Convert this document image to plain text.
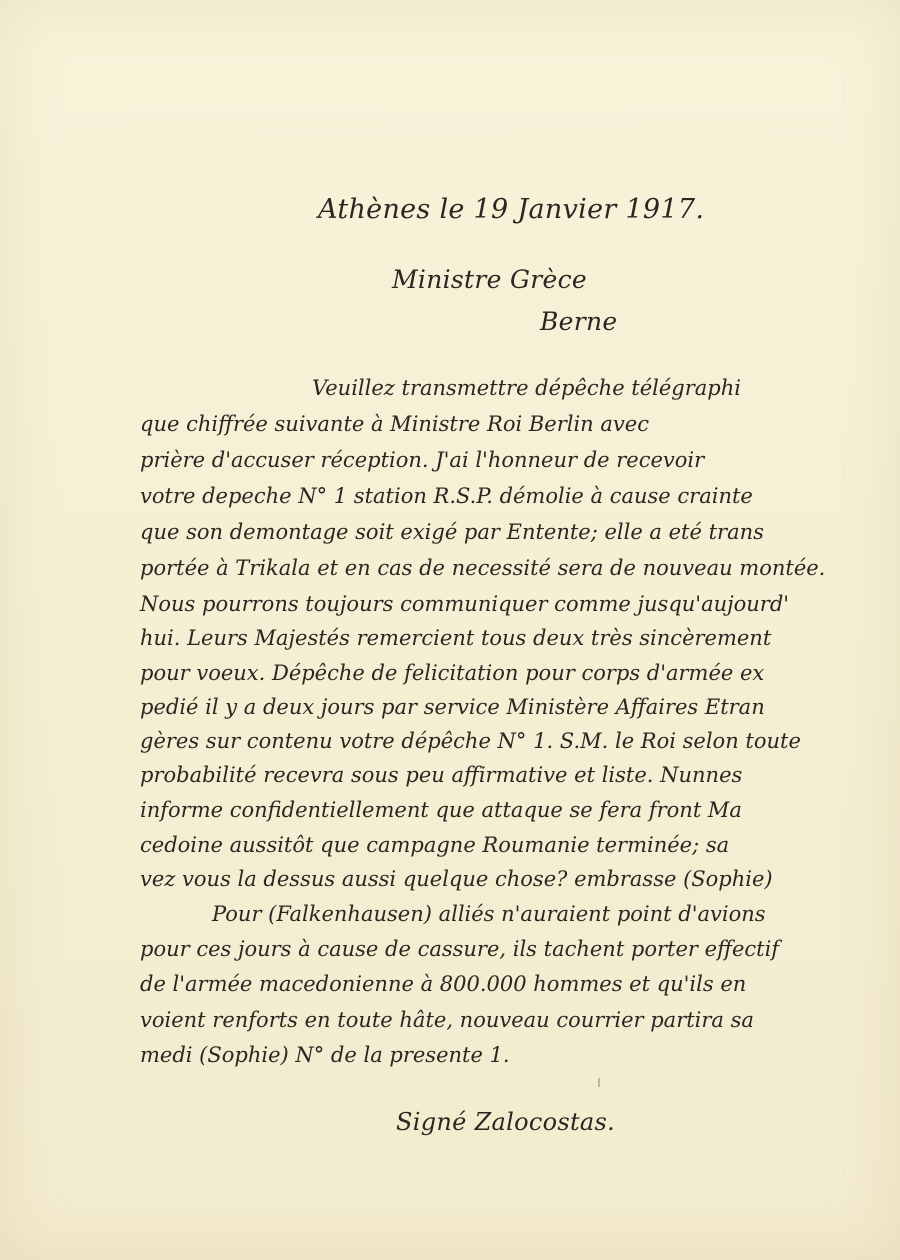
Athènes le 19 Janvier 1917.
Ministre Grèce
Berne
Veuillez transmettre dépêche télégraphi
que chiffrée suivante à Ministre Roi Berlin avec
prière d'accuser réception. J'ai l'honneur de recevoir
votre depeche N° 1 station R.S.P. démolie à cause crainte
que son demontage soit exigé par Entente; elle a eté trans
portée à Trikala et en cas de necessité sera de nouveau montée.
Nous pourrons toujours communiquer comme jusqu'aujourd'
hui. Leurs Majestés remercient tous deux très sincèrement
pour voeux. Dépêche de felicitation pour corps d'armée ex
pedié il y a deux jours par service Ministère Affaires Etran
gères sur contenu votre dépêche N° 1. S.M. le Roi selon toute
probabilité recevra sous peu affirmative et liste. Nunnes
informe confidentiellement que attaque se fera front Ma
cedoine aussitôt que campagne Roumanie terminée; sa
vez vous la dessus aussi quelque chose? embrasse (Sophie)
Pour (Falkenhausen) alliés n'auraient point d'avions
pour ces jours à cause de cassure, ils tachent porter effectif
de l'armée macedonienne à 800.000 hommes et qu'ils en
voient renforts en toute hâte, nouveau courrier partira sa
medi (Sophie) N° de la presente 1.
Signé Zalocostas.
